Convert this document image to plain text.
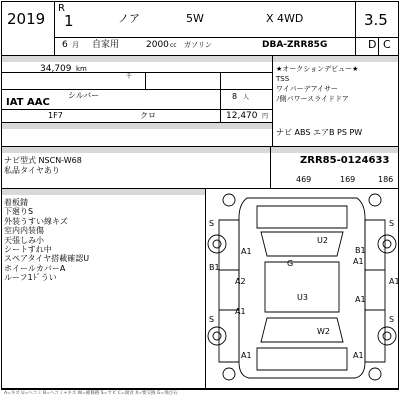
2019
R
1
6 月
ノア	5W	X 4WD
自家用	2000 cc ガソリン	DBA-ZRR85G
3.5
D C
34,709 km
千
シルバー	8 人
IAT AAC
1F7	クロ	12,470 円
★オークションデビュー★
TSS
ワイパーデアイサー
ﾉ側パワースライドドア
ナビ ABS エアB PS PW
ナビ型式 NSCN-W68
私品タイヤあり
ZRR85-0124633
469	169	186
着板錆
下廻りS
外装うすい線キズ
室内内装傷
天張しみ小
シートすれ中
スペアタイヤ搭載確認U
ホイールカバーA
ルーフ1ﾄﾞうい
S	S
U2
B1
A1
G	A1
B1
A1
A2
U3	A1
A1
S
W2
S
A1	A1
A=キズ U=ヘコミ B=ヘコミ+キズ W=補修跡 S=サビ C=腐食 X=要交換 G=飛び石
